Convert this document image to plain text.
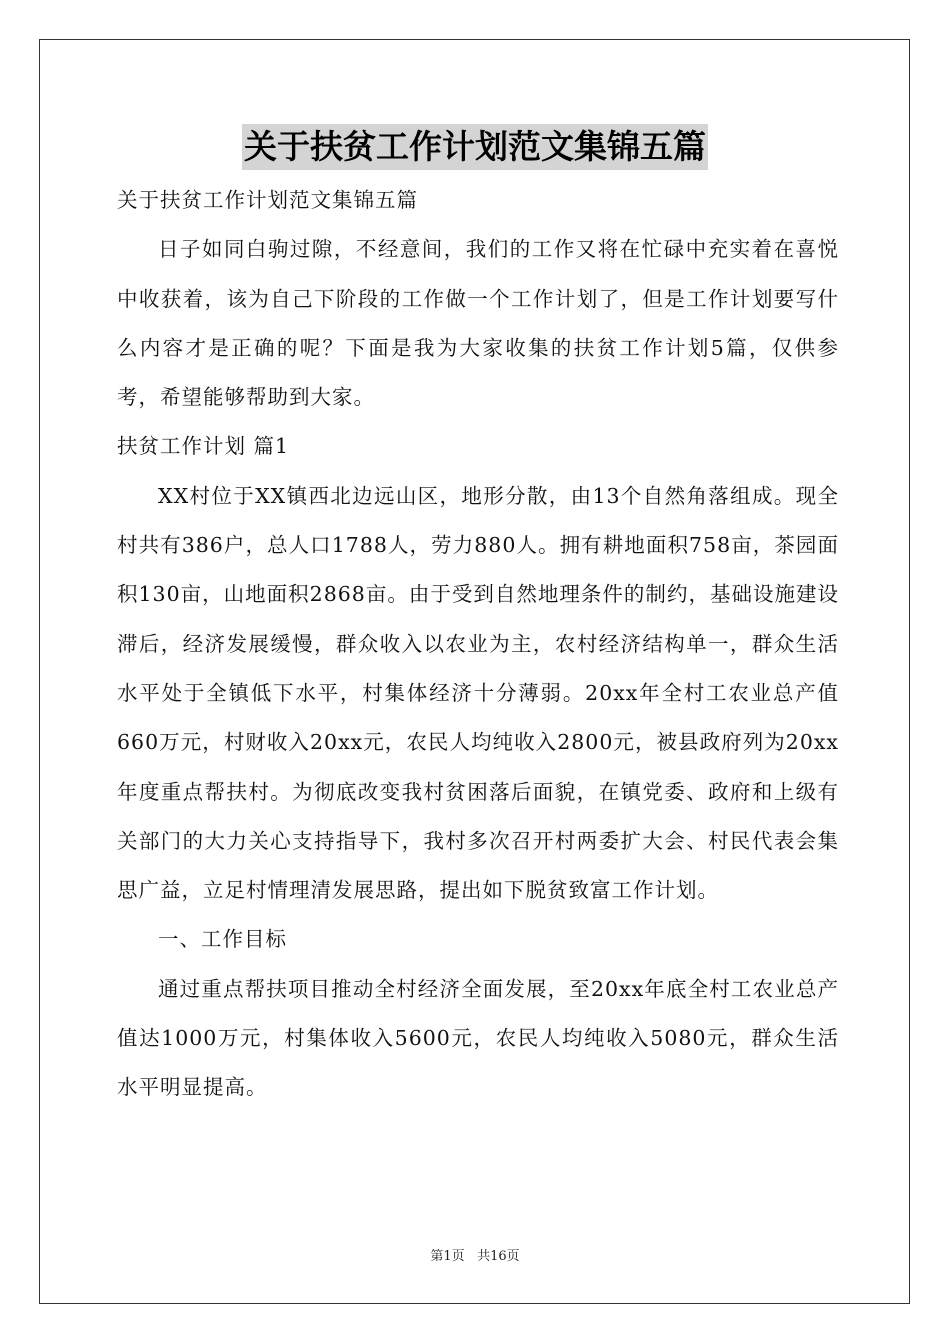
关于扶贫工作计划范文集锦五篇

关于扶贫工作计划范文集锦五篇

日子如同白驹过隙，不经意间，我们的工作又将在忙碌中充实着在喜悦中收获着，该为自己下阶段的工作做一个工作计划了，但是工作计划要写什么内容才是正确的呢？下面是我为大家收集的扶贫工作计划5篇，仅供参考，希望能够帮助到大家。

扶贫工作计划 篇1

XX村位于XX镇西北边远山区，地形分散，由13个自然角落组成。现全村共有386户，总人口1788人，劳力880人。拥有耕地面积758亩，茶园面积130亩，山地面积2868亩。由于受到自然地理条件的制约，基础设施建设滞后，经济发展缓慢，群众收入以农业为主，农村经济结构单一，群众生活水平处于全镇低下水平，村集体经济十分薄弱。20xx年全村工农业总产值660万元，村财收入20xx元，农民人均纯收入2800元，被县政府列为20xx年度重点帮扶村。为彻底改变我村贫困落后面貌，在镇党委、政府和上级有关部门的大力关心支持指导下，我村多次召开村两委扩大会、村民代表会集思广益，立足村情理清发展思路，提出如下脱贫致富工作计划。

一、工作目标

通过重点帮扶项目推动全村经济全面发展，至20xx年底全村工农业总产值达1000万元，村集体收入5600元，农民人均纯收入5080元，群众生活水平明显提高。

第1页 共16页
